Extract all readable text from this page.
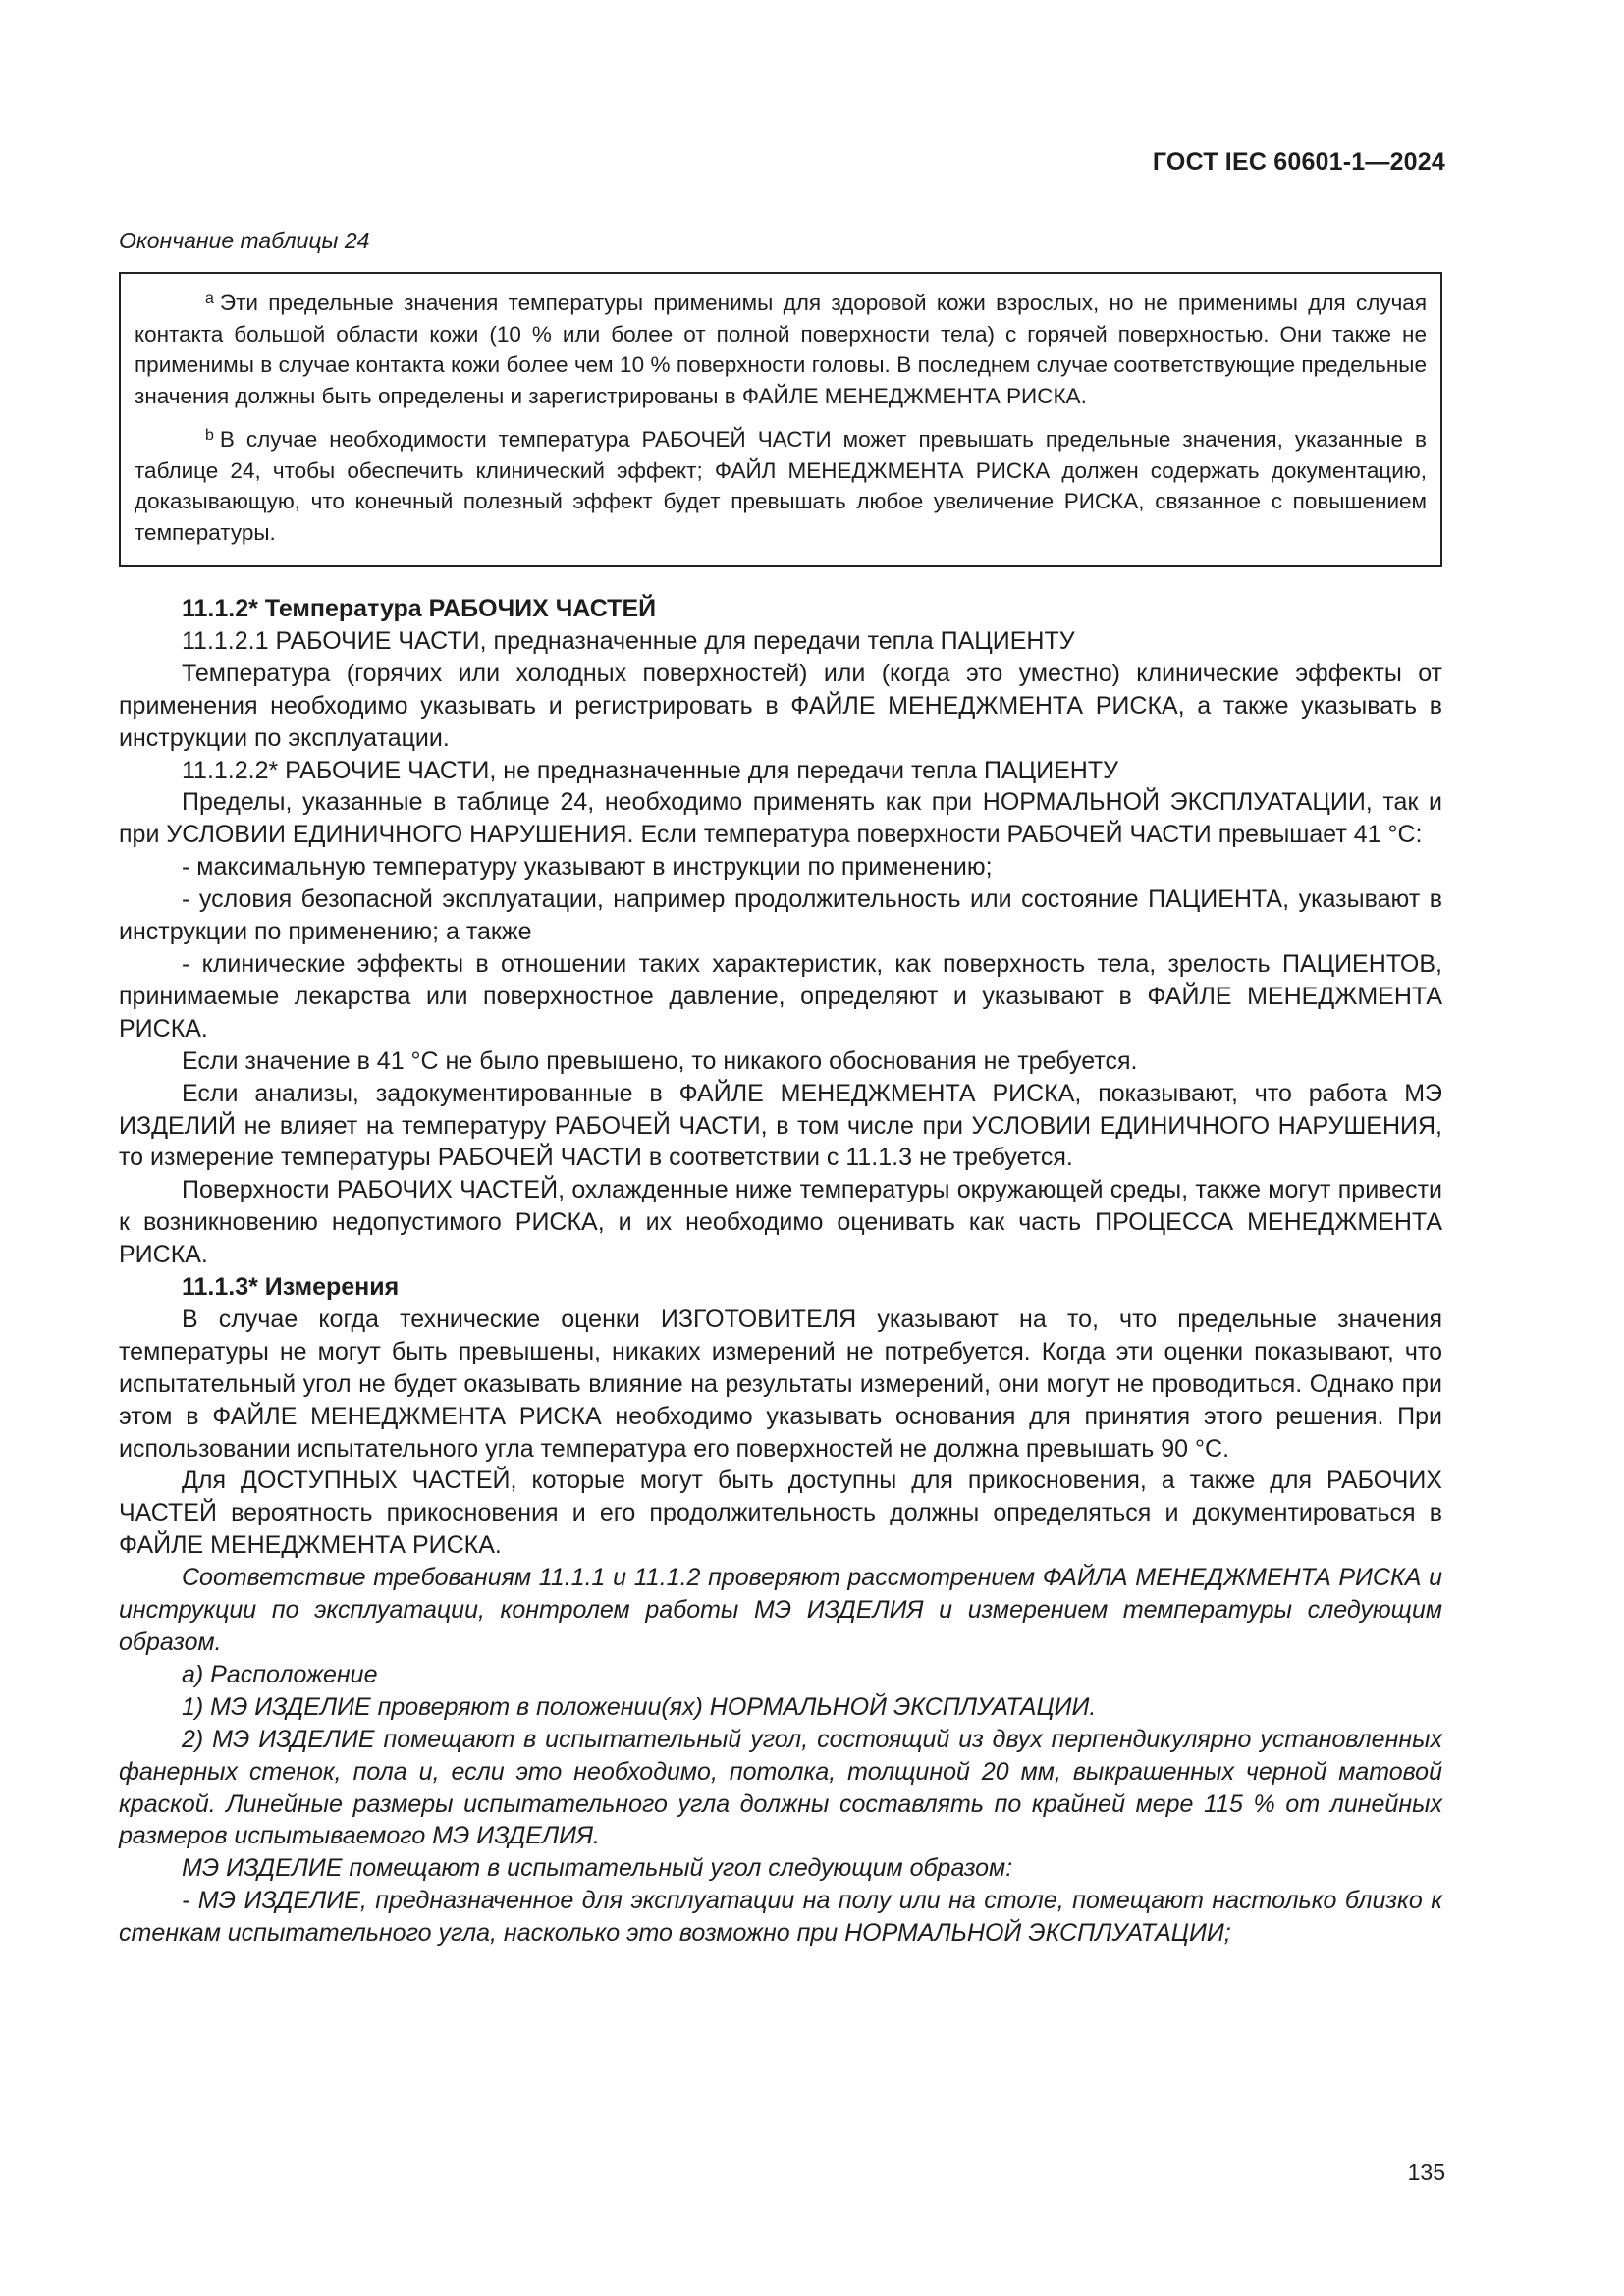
ГОСТ IEC 60601-1—2024
Окончание таблицы 24

$^a$ Эти предельные значения температуры применимы для здоровой кожи взрослых, но не применимы для случая контакта большой области кожи (10 % или более от полной поверхности тела) с горячей поверхностью. Они также не применимы в случае контакта кожи более чем 10 % поверхности головы. В последнем случае соответствующие предельные значения должны быть определены и зарегистрированы в ФАЙЛЕ МЕНЕДЖМЕНТА РИСКА.

$^b$ В случае необходимости температура РАБОЧЕЙ ЧАСТИ может превышать предельные значения, указанные в таблице 24, чтобы обеспечить клинический эффект; ФАЙЛ МЕНЕДЖМЕНТА РИСКА должен содержать документацию, доказывающую, что конечный полезный эффект будет превышать любое увеличение РИСКА, связанное с повышением температуры.

11.1.2* Температура РАБОЧИХ ЧАСТЕЙ

11.1.2.1 РАБОЧИЕ ЧАСТИ, предназначенные для передачи тепла ПАЦИЕНТУ

Температура (горячих или холодных поверхностей) или (когда это уместно) клинические эффекты от применения необходимо указывать и регистрировать в ФАЙЛЕ МЕНЕДЖМЕНТА РИСКА, а также указывать в инструкции по эксплуатации.

11.1.2.2* РАБОЧИЕ ЧАСТИ, не предназначенные для передачи тепла ПАЦИЕНТУ

Пределы, указанные в таблице 24, необходимо применять как при НОРМАЛЬНОЙ ЭКСПЛУАТАЦИИ, так и при УСЛОВИИ ЕДИНИЧНОГО НАРУШЕНИЯ. Если температура поверхности РАБОЧЕЙ ЧАСТИ превышает 41 °С:

- максимальную температуру указывают в инструкции по применению;

- условия безопасной эксплуатации, например продолжительность или состояние ПАЦИЕНТА, указывают в инструкции по применению; а также

- клинические эффекты в отношении таких характеристик, как поверхность тела, зрелость ПАЦИЕНТОВ, принимаемые лекарства или поверхностное давление, определяют и указывают в ФАЙЛЕ МЕНЕДЖМЕНТА РИСКА.

Если значение в 41 °С не было превышено, то никакого обоснования не требуется.

Если анализы, задокументированные в ФАЙЛЕ МЕНЕДЖМЕНТА РИСКА, показывают, что работа МЭ ИЗДЕЛИЙ не влияет на температуру РАБОЧЕЙ ЧАСТИ, в том числе при УСЛОВИИ ЕДИНИЧНОГО НАРУШЕНИЯ, то измерение температуры РАБОЧЕЙ ЧАСТИ в соответствии с 11.1.3 не требуется.

Поверхности РАБОЧИХ ЧАСТЕЙ, охлажденные ниже температуры окружающей среды, также могут привести к возникновению недопустимого РИСКА, и их необходимо оценивать как часть ПРОЦЕССА МЕНЕДЖМЕНТА РИСКА.

11.1.3* Измерения

В случае когда технические оценки ИЗГОТОВИТЕЛЯ указывают на то, что предельные значения температуры не могут быть превышены, никаких измерений не потребуется. Когда эти оценки показывают, что испытательный угол не будет оказывать влияние на результаты измерений, они могут не проводиться. Однако при этом в ФАЙЛЕ МЕНЕДЖМЕНТА РИСКА необходимо указывать основания для принятия этого решения. При использовании испытательного угла температура его поверхностей не должна превышать 90 °С.

Для ДОСТУПНЫХ ЧАСТЕЙ, которые могут быть доступны для прикосновения, а также для РАБОЧИХ ЧАСТЕЙ вероятность прикосновения и его продолжительность должны определяться и документироваться в ФАЙЛЕ МЕНЕДЖМЕНТА РИСКА.

Соответствие требованиям 11.1.1 и 11.1.2 проверяют рассмотрением ФАЙЛА МЕНЕДЖМЕНТА РИСКА и инструкции по эксплуатации, контролем работы МЭ ИЗДЕЛИЯ и измерением температуры следующим образом.

a) Расположение

1) МЭ ИЗДЕЛИЕ проверяют в положении(ях) НОРМАЛЬНОЙ ЭКСПЛУАТАЦИИ.

2) МЭ ИЗДЕЛИЕ помещают в испытательный угол, состоящий из двух перпендикулярно установленных фанерных стенок, пола и, если это необходимо, потолка, толщиной 20 мм, выкрашенных черной матовой краской. Линейные размеры испытательного угла должны составлять по крайней мере 115 % от линейных размеров испытываемого МЭ ИЗДЕЛИЯ.

МЭ ИЗДЕЛИЕ помещают в испытательный угол следующим образом:

- МЭ ИЗДЕЛИЕ, предназначенное для эксплуатации на полу или на столе, помещают настолько близко к стенкам испытательного угла, насколько это возможно при НОРМАЛЬНОЙ ЭКСПЛУАТАЦИИ;

135
